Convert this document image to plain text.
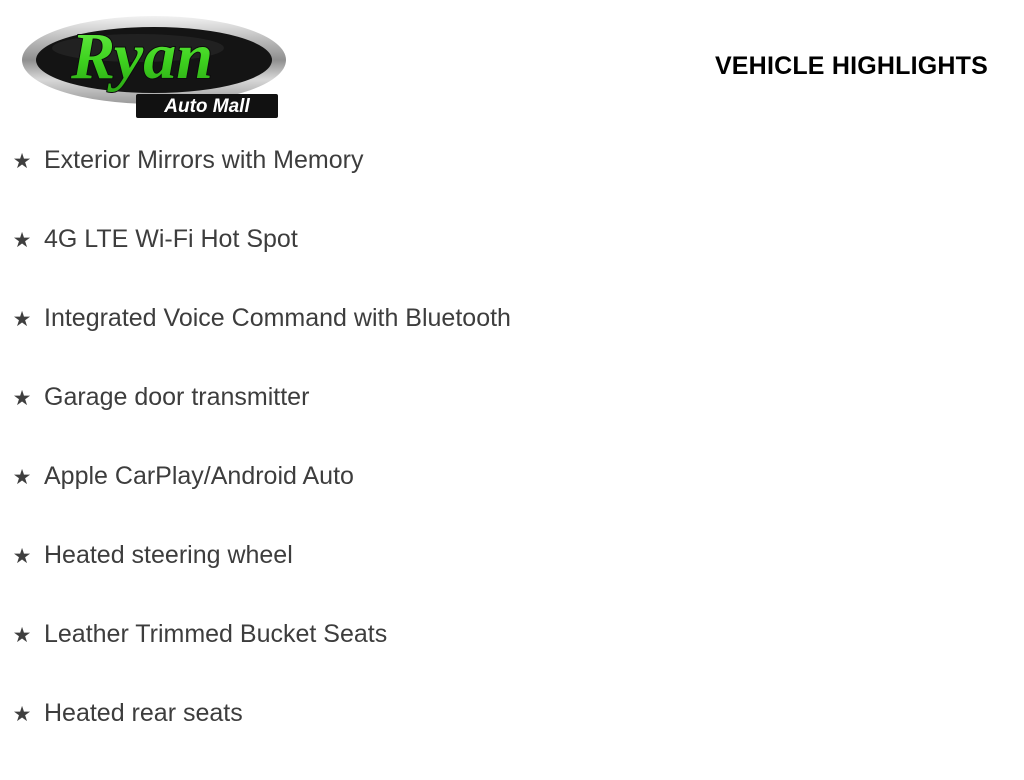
Ryan
Auto Mall
VEHICLE HIGHLIGHTS
★ Exterior Mirrors with Memory
★ 4G LTE Wi-Fi Hot Spot
★ Integrated Voice Command with Bluetooth
★ Garage door transmitter
★ Apple CarPlay/Android Auto
★ Heated steering wheel
★ Leather Trimmed Bucket Seats
★ Heated rear seats
